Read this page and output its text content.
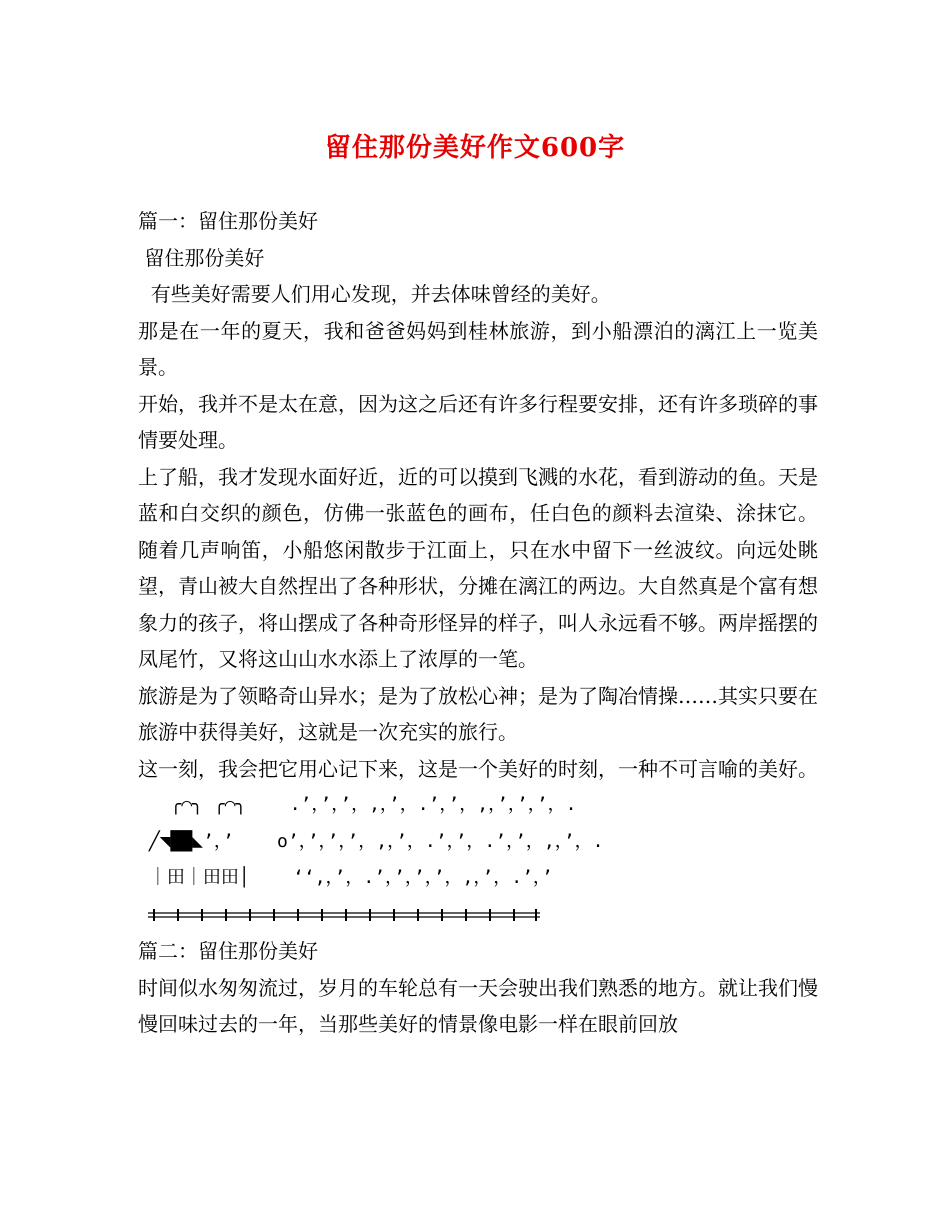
留住那份美好作文600字
篇一：留住那份美好
留住那份美好
有些美好需要人们用心发现，并去体味曾经的美好。
那是在一年的夏天，我和爸爸妈妈到桂林旅游，到小船漂泊的漓江上一览美景。
开始，我并不是太在意，因为这之后还有许多行程要安排，还有许多琐碎的事情要处理。
上了船，我才发现水面好近，近的可以摸到飞溅的水花，看到游动的鱼。天是蓝和白交织的颜色，仿佛一张蓝色的画布，任白色的颜料去渲染、涂抹它。 随着几声响笛，小船悠闲散步于江面上，只在水中留下一丝波纹。向远处眺望，青山被大自然捏出了各种形状，分摊在漓江的两边。大自然真是个富有想象力的孩子，将山摆成了各种奇形怪异的样子，叫人永远看不够。两岸摇摆的凤尾竹，又将这山山水水添上了浓厚的一笔。
旅游是为了领略奇山异水；是为了放松心神；是为了陶冶情操……其实只要在旅游中获得美好，这就是一次充实的旅行。
这一刻，我会把它用心记下来，这是一个美好的时刻，一种不可言喻的美好。
╭⌒╮ ╭⌒╮    .’，’，’，,，’，.’，’，,，’，’，’，.
╱◥██◣’，’    o’，’，’，’，,，’，.’，’，.’，’，,，’，.
｜田｜田田│    ‘‘,，’，.’，’，’，’，,，’，.’，’
篇二：留住那份美好
时间似水匆匆流过，岁月的车轮总有一天会驶出我们熟悉的地方。就让我们慢慢回味过去的一年，当那些美好的情景像电影一样在眼前回放
